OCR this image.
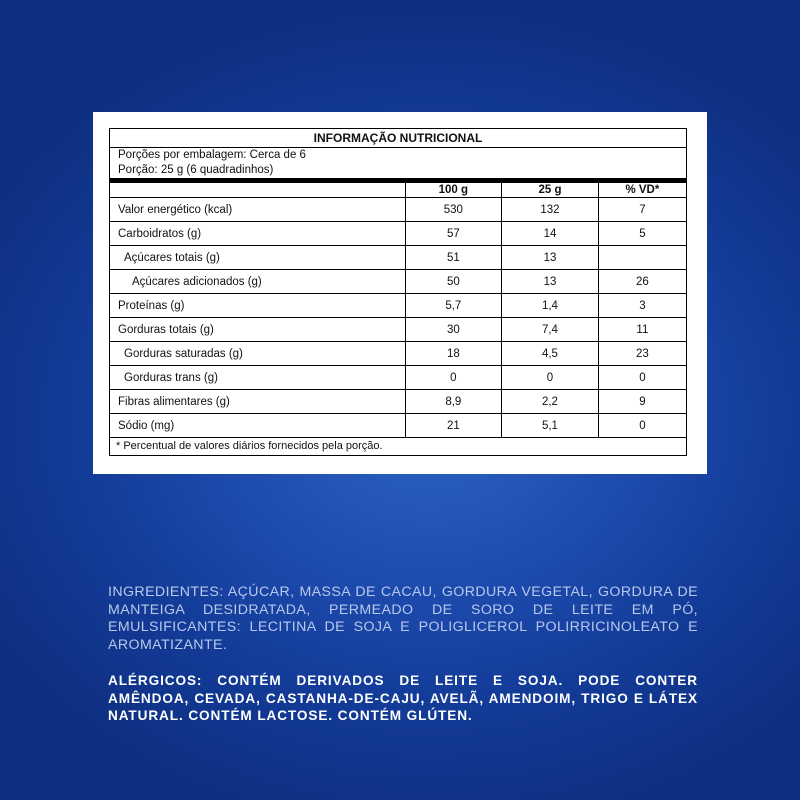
INFORMAÇÃO NUTRICIONAL
Porções por embalagem: Cerca de 6
Porção: 25 g (6 quadradinhos)
	100 g	25 g	% VD*
Valor energético (kcal)	530	132	7
Carboidratos (g)	57	14	5
Açúcares totais (g)	51	13	
Açúcares adicionados (g)	50	13	26
Proteínas (g)	5,7	1,4	3
Gorduras totais (g)	30	7,4	11
Gorduras saturadas (g)	18	4,5	23
Gorduras trans (g)	0	0	0
Fibras alimentares (g)	8,9	2,2	9
Sódio (mg)	21	5,1	0
* Percentual de valores diários fornecidos pela porção.
INGREDIENTES: AÇÚCAR, MASSA DE CACAU, GORDURA VEGETAL, GORDURA DE MANTEIGA DESIDRATADA, PERMEADO DE SORO DE LEITE EM PÓ, EMULSIFICANTES: LECITINA DE SOJA E POLIGLICEROL POLIRRICINOLEATO E AROMATIZANTE.
ALÉRGICOS: CONTÉM DERIVADOS DE LEITE E SOJA. PODE CONTER AMÊNDOA, CEVADA, CASTANHA-DE-CAJU, AVELÃ, AMENDOIM, TRIGO E LÁTEX NATURAL. CONTÉM LACTOSE. CONTÉM GLÚTEN.
